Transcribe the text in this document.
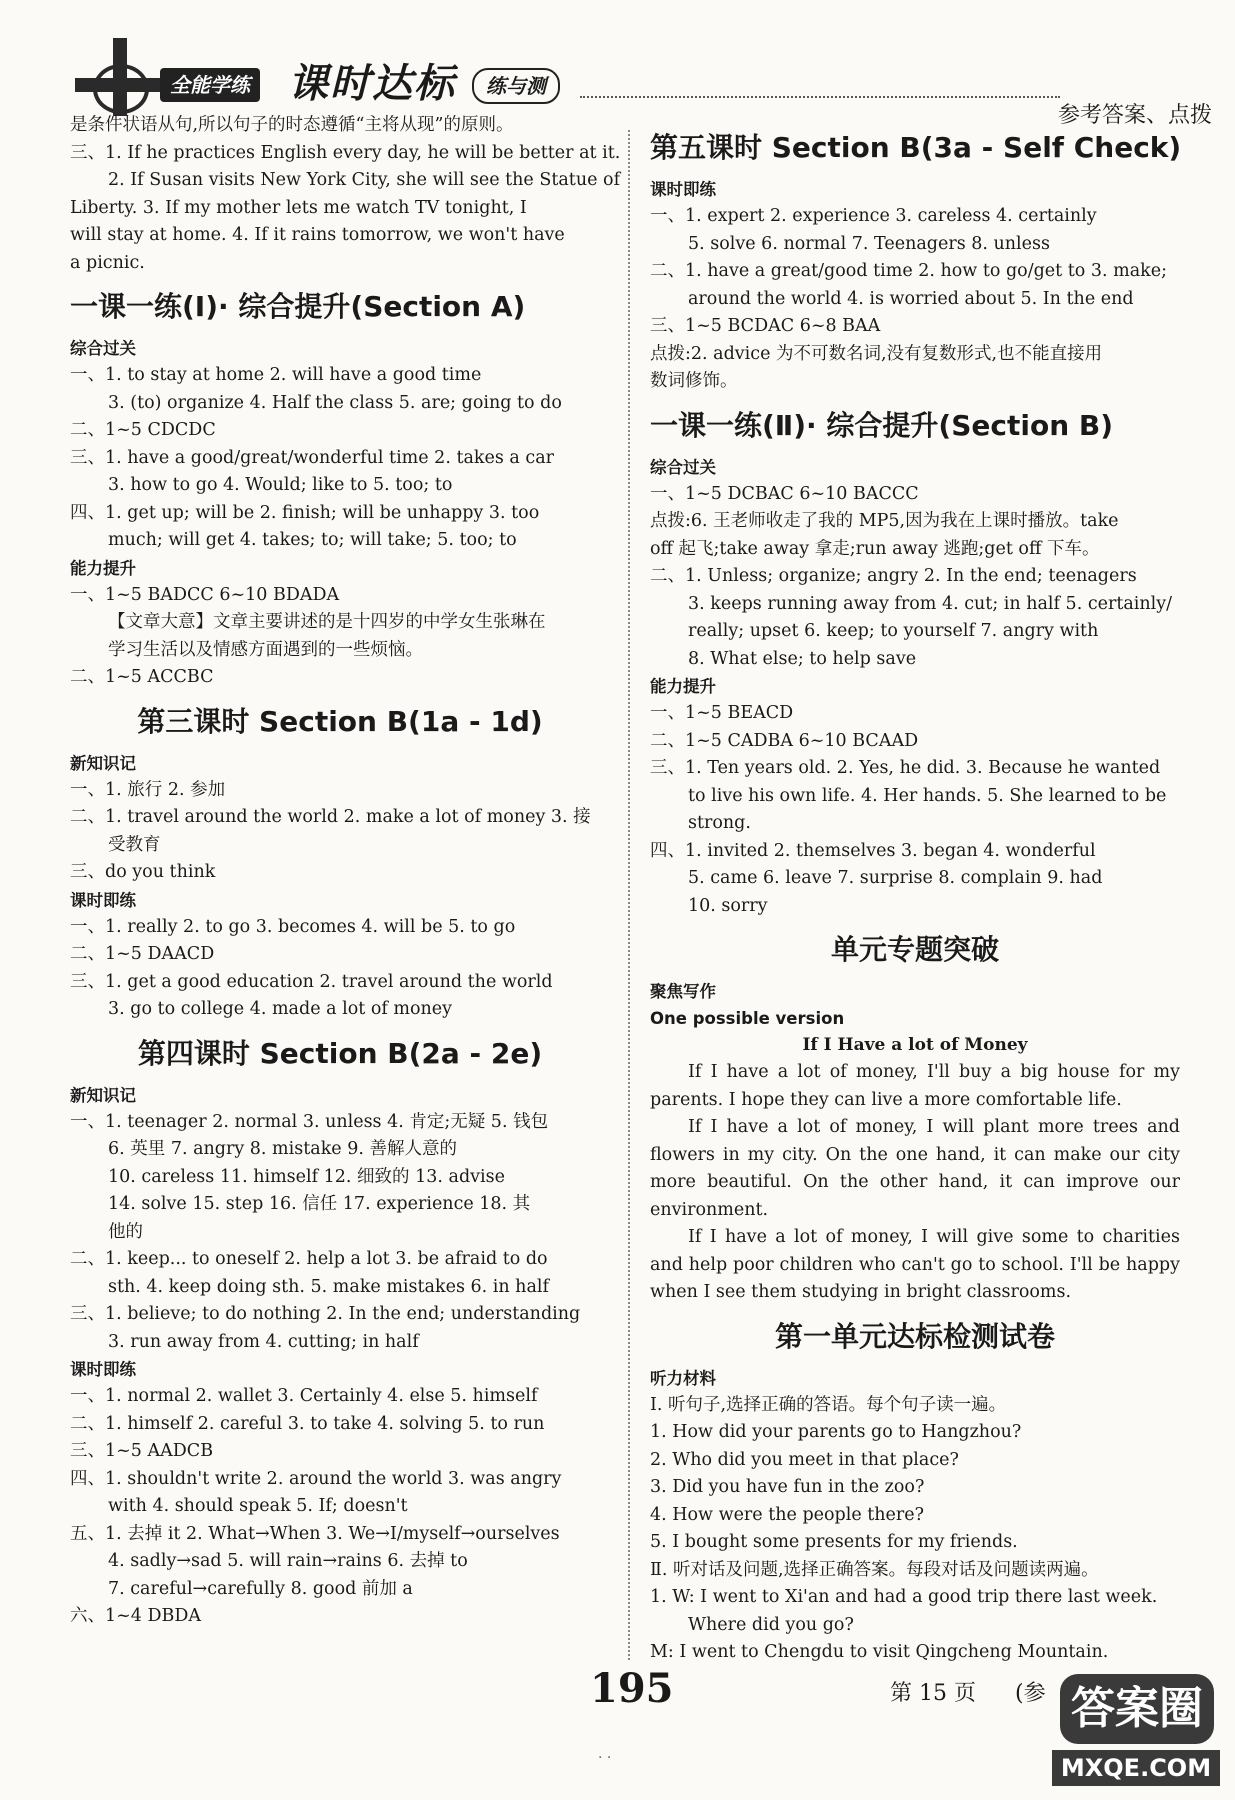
全能学练 课时达标	练与测
参考答案、点拨

是条件状语从句,所以句子的时态遵循“主将从现”的原则。

三、1. If he practices English every day, he will be better at it.

2. If Susan visits New York City, she will see the Statue of

Liberty. 3. If my mother lets me watch TV tonight, I

will stay at home. 4. If it rains tomorrow, we won't have

a picnic.

一课一练(Ⅰ)· 综合提升(Section A)

综合过关

一、1. to stay at home 2. will have a good time

3. (to) organize 4. Half the class 5. are; going to do

二、1~5 CDCDC

三、1. have a good/great/wonderful time 2. takes a car

3. how to go 4. Would; like to 5. too; to

四、1. get up; will be 2. finish; will be unhappy 3. too

much; will get 4. takes; to; will take; 5. too; to

能力提升

一、1~5 BADCC 6~10 BDADA

【文章大意】文章主要讲述的是十四岁的中学女生张琳在

学习生活以及情感方面遇到的一些烦恼。

二、1~5 ACCBC

第三课时 Section B(1a - 1d)

新知识记

一、1. 旅行 2. 参加

二、1. travel around the world 2. make a lot of money 3. 接

受教育

三、do you think

课时即练

一、1. really 2. to go 3. becomes 4. will be 5. to go

二、1~5 DAACD

三、1. get a good education 2. travel around the world

3. go to college 4. made a lot of money

第四课时 Section B(2a - 2e)

新知识记

一、1. teenager 2. normal 3. unless 4. 肯定;无疑 5. 钱包

6. 英里 7. angry 8. mistake 9. 善解人意的

10. careless 11. himself 12. 细致的 13. advise

14. solve 15. step 16. 信任 17. experience 18. 其

他的

二、1. keep... to oneself 2. help a lot 3. be afraid to do

sth. 4. keep doing sth. 5. make mistakes 6. in half

三、1. believe; to do nothing 2. In the end; understanding

3. run away from 4. cutting; in half

课时即练

一、1. normal 2. wallet 3. Certainly 4. else 5. himself

二、1. himself 2. careful 3. to take 4. solving 5. to run

三、1~5 AADCB

四、1. shouldn't write 2. around the world 3. was angry

with 4. should speak 5. If; doesn't

五、1. 去掉 it 2. What→When 3. We→I/myself→ourselves

4. sadly→sad 5. will rain→rains 6. 去掉 to

7. careful→carefully 8. good 前加 a

六、1~4 DBDA

第五课时 Section B(3a - Self Check)

课时即练

一、1. expert 2. experience 3. careless 4. certainly

5. solve 6. normal 7. Teenagers 8. unless

二、1. have a great/good time 2. how to go/get to 3. make;

around the world 4. is worried about 5. In the end

三、1~5 BCDAC 6~8 BAA

点拨:2. advice 为不可数名词,没有复数形式,也不能直接用

数词修饰。

一课一练(Ⅱ)· 综合提升(Section B)

综合过关

一、1~5 DCBAC 6~10 BACCC

点拨:6. 王老师收走了我的 MP5,因为我在上课时播放。take

off 起飞;take away 拿走;run away 逃跑;get off 下车。

二、1. Unless; organize; angry 2. In the end; teenagers

3. keeps running away from 4. cut; in half 5. certainly/

really; upset 6. keep; to yourself 7. angry with

8. What else; to help save

能力提升

一、1~5 BEACD

二、1~5 CADBA 6~10 BCAAD

三、1. Ten years old. 2. Yes, he did. 3. Because he wanted

to live his own life. 4. Her hands. 5. She learned to be

strong.

四、1. invited 2. themselves 3. began 4. wonderful

5. came 6. leave 7. surprise 8. complain 9. had

10. sorry

单元专题突破

聚焦写作

One possible version

If I Have a lot of Money

If I have a lot of money, I'll buy a big house for my parents. I hope they can live a more comfortable life.

If I have a lot of money, I will plant more trees and flowers in my city. On the one hand, it can make our city more beautiful. On the other hand, it can improve our environment.

If I have a lot of money, I will give some to charities and help poor children who can't go to school. I'll be happy when I see them studying in bright classrooms.

第一单元达标检测试卷

听力材料

Ⅰ. 听句子,选择正确的答语。每个句子读一遍。

1. How did your parents go to Hangzhou?

2. Who did you meet in that place?

3. Did you have fun in the zoo?

4. How were the people there?

5. I bought some presents for my friends.

Ⅱ. 听对话及问题,选择正确答案。每段对话及问题读两遍。

1. W: I went to Xi'an and had a good trip there last week.

Where did you go?

M: I went to Chengdu to visit Qingcheng Mountain.

195	第 15 页 (参 答案圈
MXQE.COM
· ·
